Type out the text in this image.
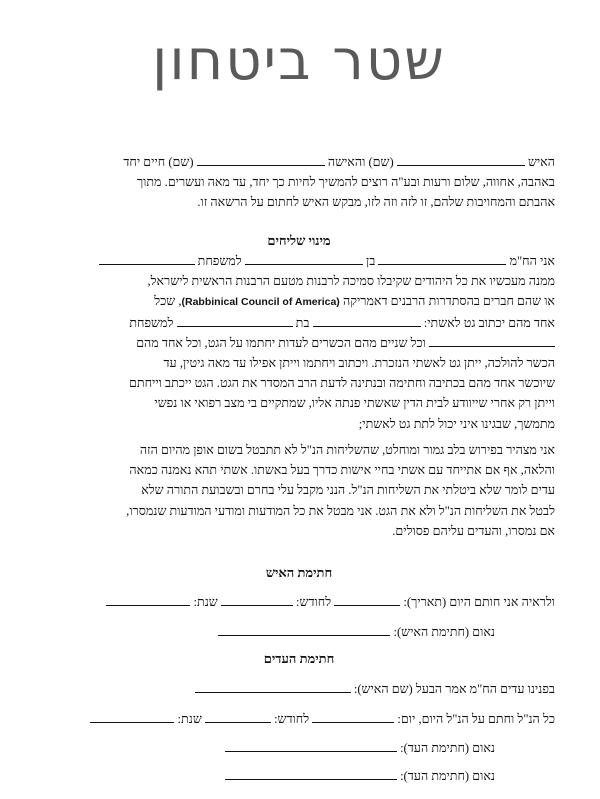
שטר ביטחון
האיש  (שם) והאישה  (שם) חיים יחד
באהבה, אחווה, שלום ורעות ובע"ה רוצים להמשיך לחיות כך יחד, עד מאה ועשרים. מתוך
אהבתם והמחויבות שלהם, זו לזה וזה לזו, מבקש האיש לחתום על הרשאה זו.

מינוי שליחים

אני הח"מ  בן  למשפחת
ממנה מעכשיו את כל היהודים שקיבלו סמיכה לרבנות מטעם הרבנות הראשית לישראל,
או שהם חברים בהסתדרות הרבנים דאמריקה (Rabbinical Council of America), שכל
אחד מהם יכתוב גט לאשתי:  בת  למשפחת
וכל שניים מהם הכשרים לעדות יחתמו על הגט, וכל אחד מהם
הכשר להולכה, ייתן גט לאשתי הנזכרת. ויכתוב ויחתמו וייתן אפילו עד מאה גיטין, עד
שיוכשר אחד מהם בכתיבה וחתימה ובנתינה לדעת הרב המסדר את הגט. הגט ייכתב וייחתם
וייתן רק אחרי שייוודע לבית הדין שאשתי פנתה אליו, שמתקיים בי מצב רפואי או נפשי
מתמשך, שבגינו איני יכול לתת גט לאשתי;
אני מצהיר בפירוש בלב גמור ומוחלט, שהשליחות הנ"ל לא תתבטל בשום אופן מהיום הזה
והלאה, אף אם אתייחד עם אשתי בחיי אישות כדרך בעל באשתו. אשתי תהא נאמנה כמאה
עדים לומר שלא ביטלתי את השליחות הנ"ל. הנני מקבל עלי בחרם ובשבועת התורה שלא
לבטל את השליחות הנ"ל ולא את הגט. אני מבטל את כל המודעות ומודעי המודעות שנמסרו,
אם נמסרו, והעדים עליהם פסולים.

חתימת האיש

ולראיה אני חותם היום (תאריך):  לחודש:  שנת:
נאום (חתימת האיש):

חתימת העדים

בפנינו עדים הח"מ אמר הבעל (שם האיש):
כל הנ"ל וחתם על הנ"ל היום, יום:  לחודש:  שנת:
נאום (חתימת העד):
נאום (חתימת העד):
